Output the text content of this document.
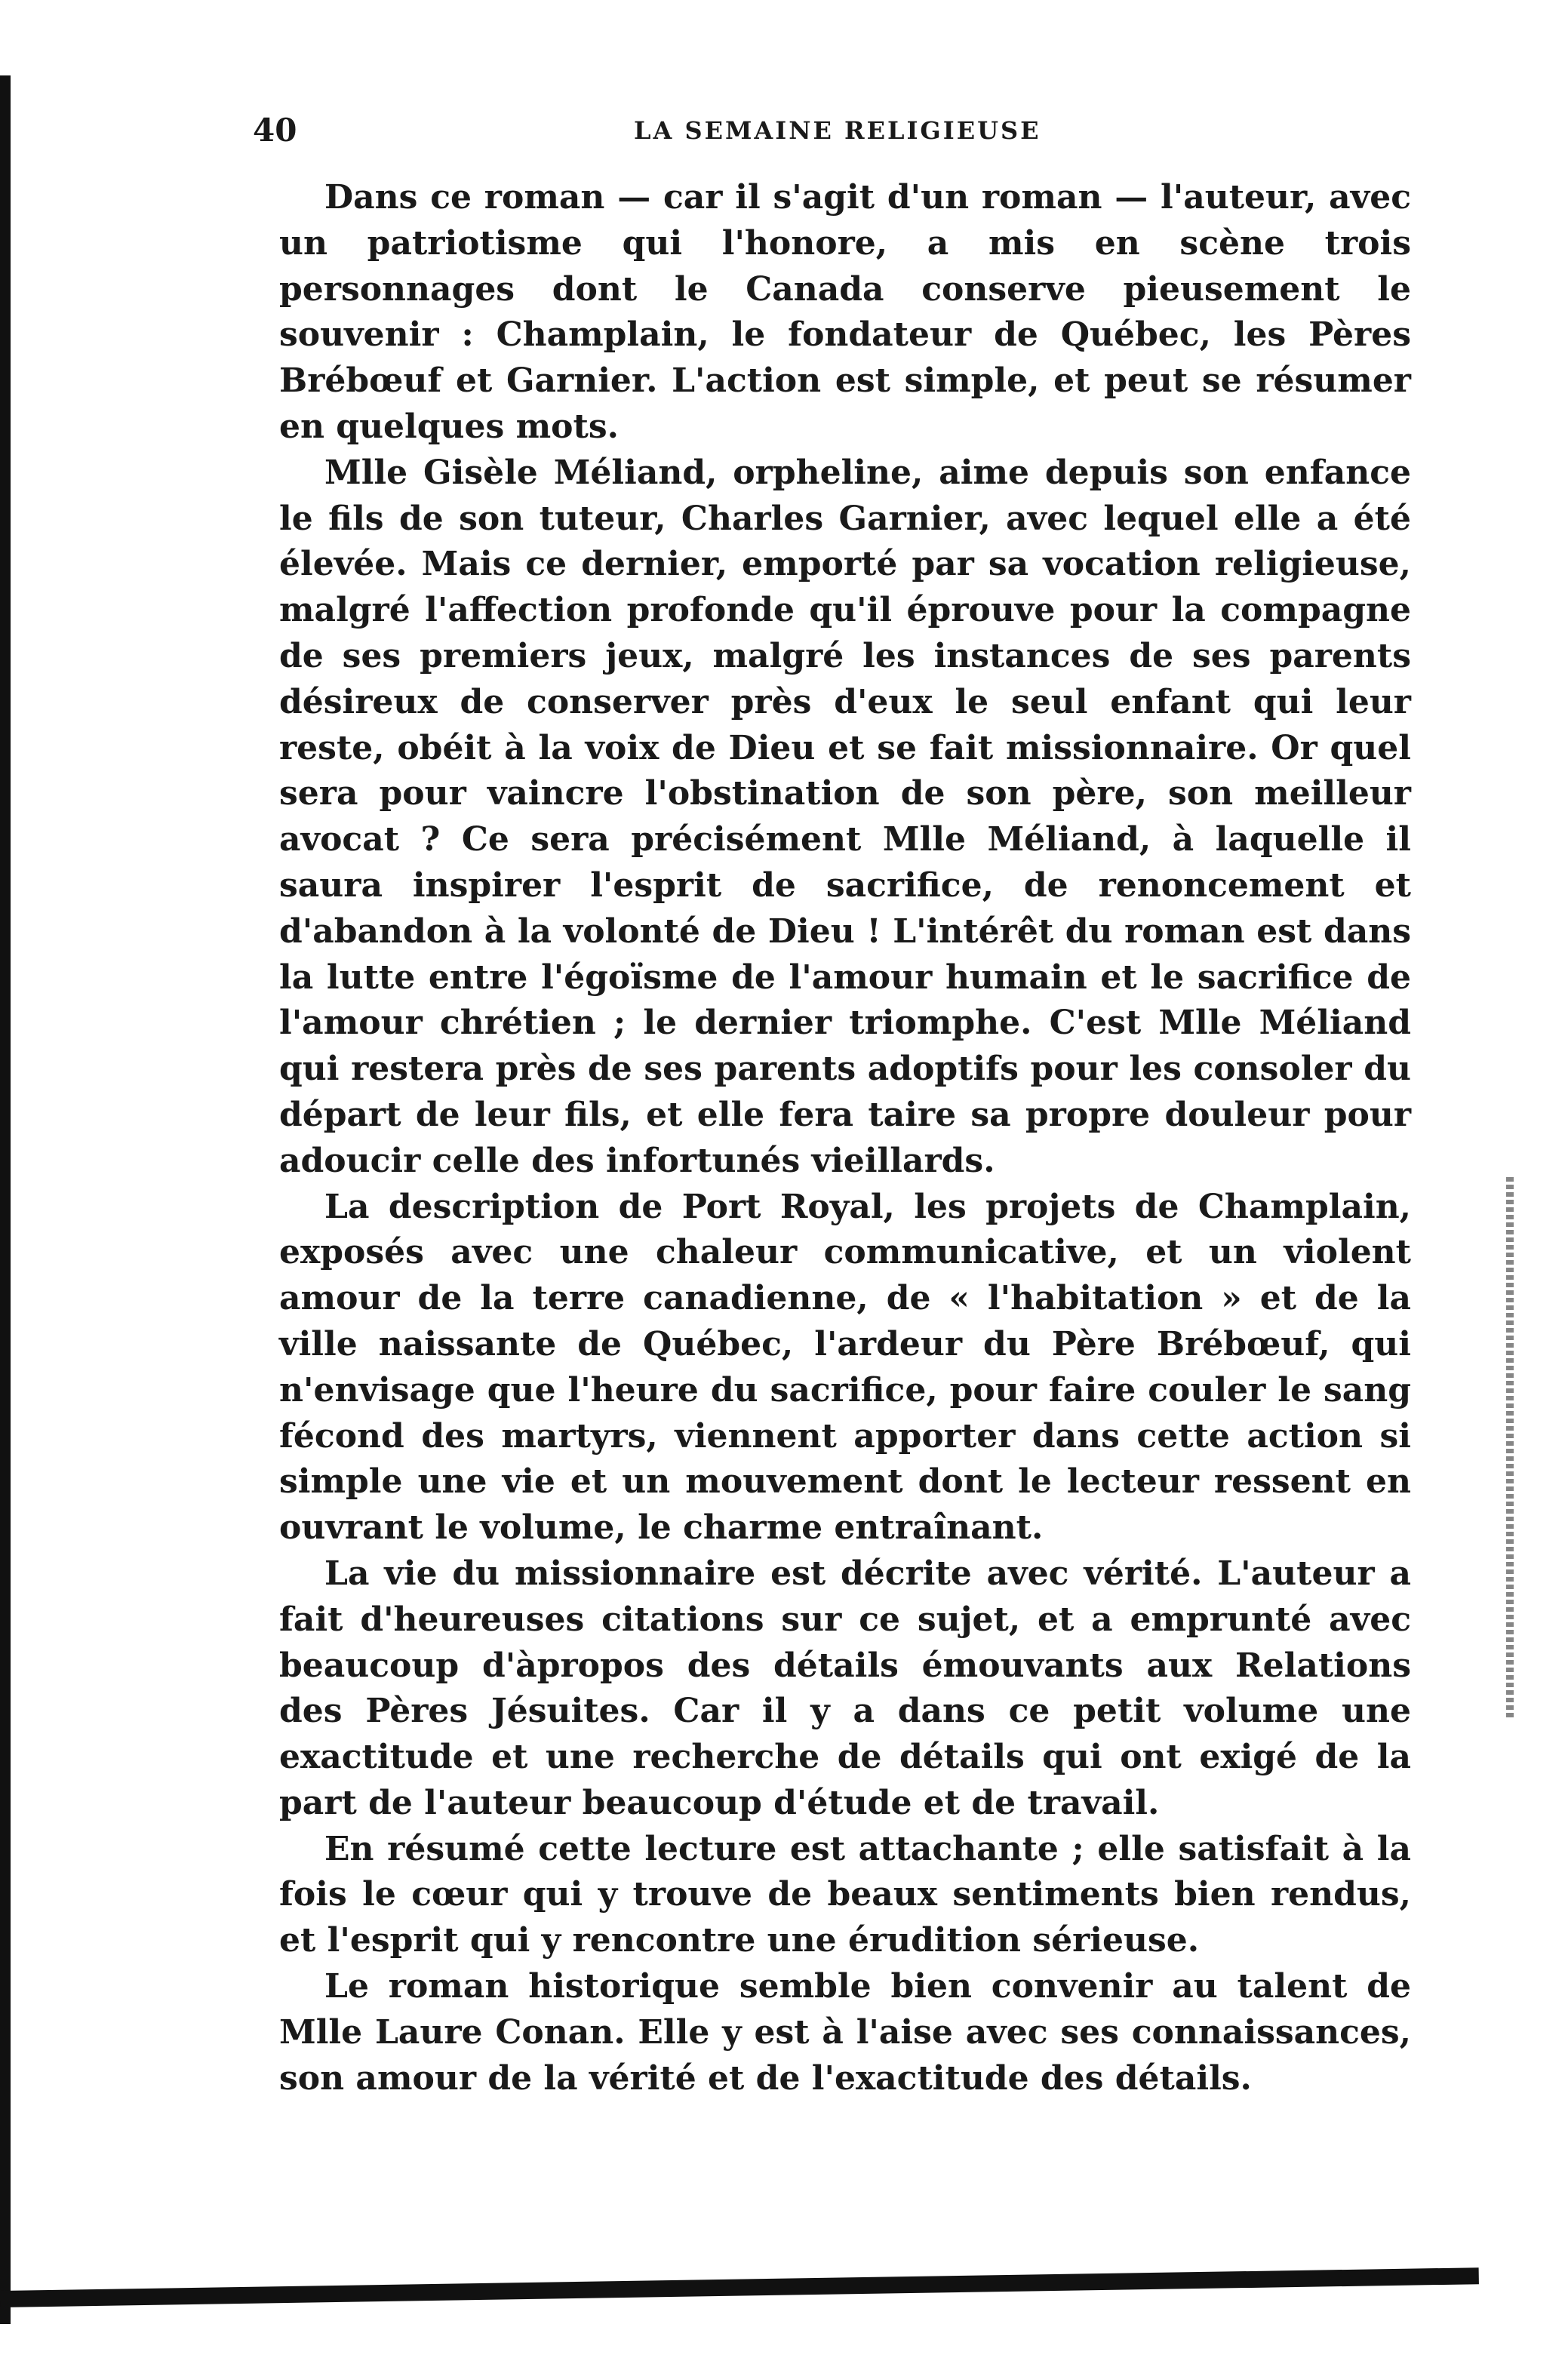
40	LA SEMAINE RELIGIEUSE

Dans ce roman — car il s'agit d'un roman — l'auteur, avec un patriotisme qui l'honore, a mis en scène trois personnages dont le Canada conserve pieusement le souvenir : Champlain, le fondateur de Québec, les Pères Brébœuf et Garnier. L'action est simple, et peut se résumer en quelques mots.

Mlle Gisèle Méliand, orpheline, aime depuis son enfance le fils de son tuteur, Charles Garnier, avec lequel elle a été élevée. Mais ce dernier, emporté par sa vocation religieuse, malgré l'affection profonde qu'il éprouve pour la compagne de ses premiers jeux, malgré les instances de ses parents désireux de conserver près d'eux le seul enfant qui leur reste, obéit à la voix de Dieu et se fait missionnaire. Or quel sera pour vaincre l'obstination de son père, son meilleur avocat ? Ce sera précisément Mlle Méliand, à laquelle il saura inspirer l'esprit de sacrifice, de renoncement et d'abandon à la volonté de Dieu ! L'intérêt du roman est dans la lutte entre l'égoïsme de l'amour humain et le sacrifice de l'amour chrétien ; le dernier triomphe. C'est Mlle Méliand qui restera près de ses parents adoptifs pour les consoler du départ de leur fils, et elle fera taire sa propre douleur pour adoucir celle des infortunés vieillards.

La description de Port Royal, les projets de Champlain, exposés avec une chaleur communicative, et un violent amour de la terre canadienne, de « l'habitation » et de la ville naissante de Québec, l'ardeur du Père Brébœuf, qui n'envisage que l'heure du sacrifice, pour faire couler le sang fécond des martyrs, viennent apporter dans cette action si simple une vie et un mouvement dont le lecteur ressent en ouvrant le volume, le charme entraînant.

La vie du missionnaire est décrite avec vérité. L'auteur a fait d'heureuses citations sur ce sujet, et a emprunté avec beaucoup d'àpropos des détails émouvants aux Relations des Pères Jésuites. Car il y a dans ce petit volume une exactitude et une recherche de détails qui ont exigé de la part de l'auteur beaucoup d'étude et de travail.

En résumé cette lecture est attachante ; elle satisfait à la fois le cœur qui y trouve de beaux sentiments bien rendus, et l'esprit qui y rencontre une érudition sérieuse.

Le roman historique semble bien convenir au talent de Mlle Laure Conan. Elle y est à l'aise avec ses connaissances, son amour de la vérité et de l'exactitude des détails.
